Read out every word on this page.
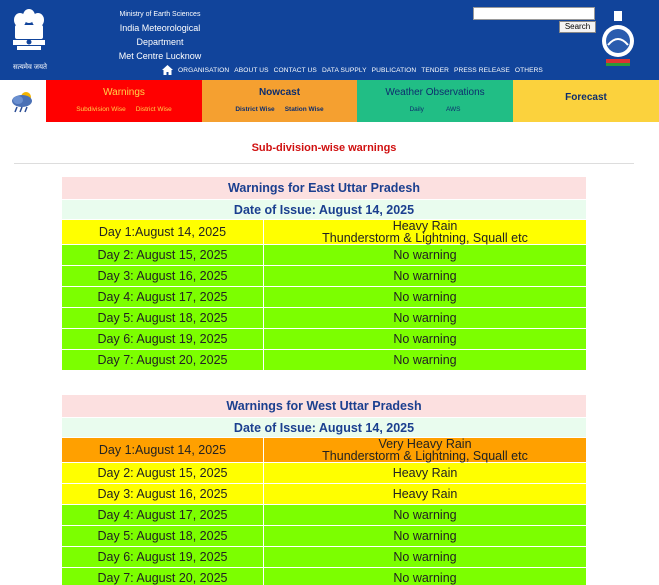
सत्यमेव जयते
Ministry of Earth Sciences
India Meteorological Department
Met Centre Lucknow
Search
ORGANISATION ABOUT US CONTACT US DATA SUPPLY PUBLICATION TENDER PRESS RELEASE OTHERS
Warnings
Subdivision Wise District Wise
Nowcast
District Wise Station Wise
Weather Observations
Daily	AWS
Forecast
Sub-division-wise warnings
Warnings for East Uttar Pradesh	
Date of Issue: August 14, 2025	
Day 1:August 14, 2025	Heavy Rain
Thunderstorm & Lightning, Squall etc

Day 2: August 15, 2025	No warning
Day 3: August 16, 2025	No warning
Day 4: August 17, 2025	No warning
Day 5: August 18, 2025	No warning
Day 6: August 19, 2025	No warning
Day 7: August 20, 2025	No warning
Warnings for West Uttar Pradesh	
Date of Issue: August 14, 2025	
Day 1:August 14, 2025	Very Heavy Rain
Thunderstorm & Lightning, Squall etc

Day 2: August 15, 2025	Heavy Rain
Day 3: August 16, 2025	Heavy Rain
Day 4: August 17, 2025	No warning
Day 5: August 18, 2025	No warning
Day 6: August 19, 2025	No warning
Day 7: August 20, 2025	No warning
